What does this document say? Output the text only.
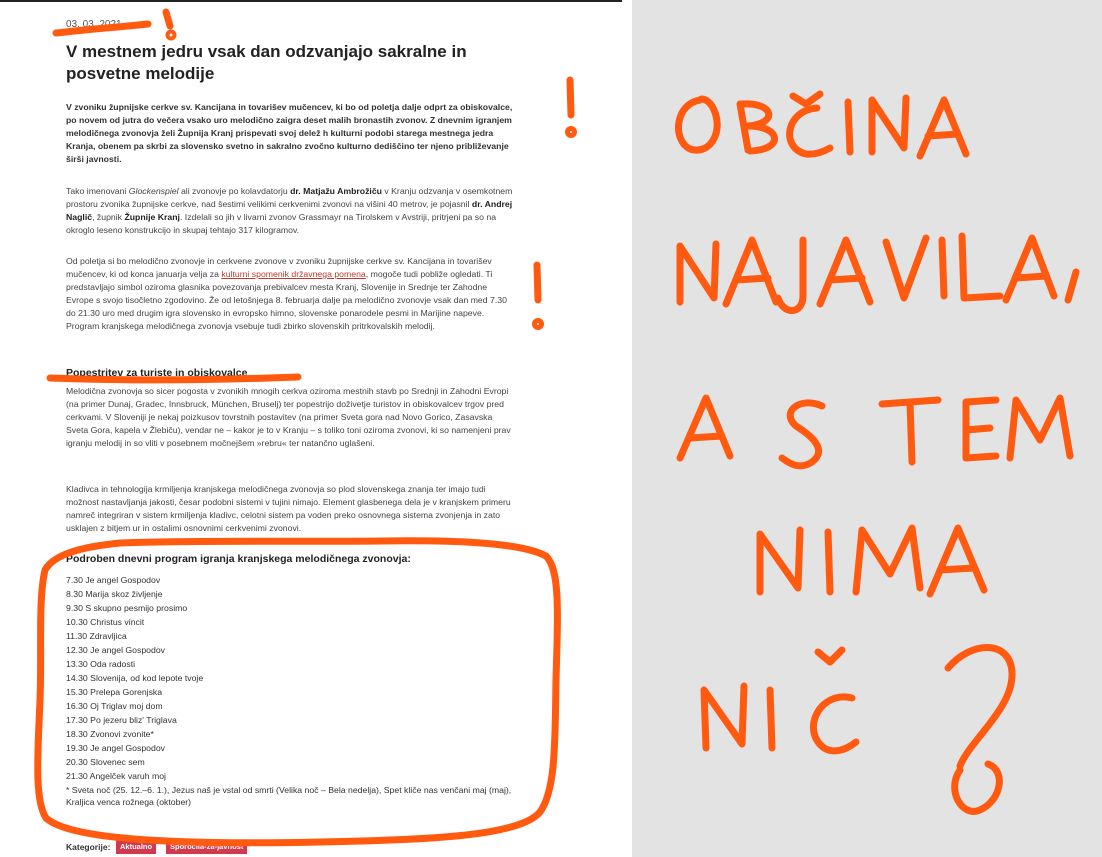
03. 03. 2021
V mestnem jedru vsak dan odzvanjajo sakralne in posvetne melodije

V zvoniku župnijske cerkve sv. Kancijana in tovarišev mučencev, ki bo od poletja dalje odprt za obiskovalce, po novem od jutra do večera vsako uro melodično zaigra deset malih bronastih zvonov. Z dnevnim igranjem melodičnega zvonovja želi Župnija Kranj prispevati svoj delež h kulturni podobi starega mestnega jedra Kranja, obenem pa skrbi za slovensko svetno in sakralno zvočno kulturno dediščino ter njeno približevanje širši javnosti.

Tako imenovani Glockenspiel ali zvonovje po kolavdatorju dr. Matjažu Ambrožiču v Kranju odzvanja v osemkotnem prostoru zvonika župnijske cerkve, nad šestimi velikimi cerkvenimi zvonovi na višini 40 metrov, je pojasnil dr. Andrej Naglič, župnik Župnije Kranj. Izdelali so jih v livarni zvonov Grassmayr na Tirolskem v Avstriji, pritrjeni pa so na okroglo leseno konstrukcijo in skupaj tehtajo 317 kilogramov.

Od poletja si bo melodično zvonovje in cerkvene zvonove v zvoniku župnijske cerkve sv. Kancijana in tovarišev mučencev, ki od konca januarja velja za kulturni spomenik državnega pomena, mogoče tudi pobliže ogledati. Ti predstavljajo simbol oziroma glasnika povezovanja prebivalcev mesta Kranj, Slovenije in Srednje ter Zahodne Evrope s svojo tisočletno zgodovino. Že od letošnjega 8. februarja dalje pa melodično zvonovje vsak dan med 7.30 do 21.30 uro med drugim igra slovensko in evropsko himno, slovenske ponarodele pesmi in Marijine napeve. Program kranjskega melodičnega zvonovja vsebuje tudi zbirko slovenskih pritrkovalskih melodij.

Popestritev za turiste in obiskovalce

Melodična zvonovja so sicer pogosta v zvonikih mnogih cerkva oziroma mestnih stavb po Srednji in Zahodni Evropi (na primer Dunaj, Gradec, Innsbruck, München, Bruselj) ter popestrijo doživetje turistov in obiskovalcev trgov pred cerkvami. V Sloveniji je nekaj poizkusov tovrstnih postavitev (na primer Sveta gora nad Novo Gorico, Zasavska Sveta Gora, kapela v Žlebiču), vendar ne – kakor je to v Kranju – s toliko toni oziroma zvonovi, ki so namenjeni prav igranju melodij in so vliti v posebnem močnejšem »rebru« ter natančno uglašeni.

Kladivca in tehnologija krmiljenja kranjskega melodičnega zvonovja so plod slovenskega znanja ter imajo tudi možnost nastavljanja jakosti, česar podobni sistemi v tujini nimajo. Element glasbenega dela je v kranjskem primeru namreč integriran v sistem krmiljenja kladivc, celotni sistem pa voden preko osnovnega sistema zvonjenja in zato usklajen z bitjem ur in ostalimi osnovnimi cerkvenimi zvonovi.

Podroben dnevni program igranja kranjskega melodičnega zvonovja:
7.30 Je angel Gospodov
8.30 Marija skoz življenje
9.30 S skupno pesmijo prosimo
10.30 Christus vincit
11.30 Zdravljica
12.30 Je angel Gospodov
13.30 Oda radosti
14.30 Slovenija, od kod lepote tvoje
15.30 Prelepa Gorenjska
16.30 Oj Triglav moj dom
17.30 Po jezeru bliz' Triglava
18.30 Zvonovi zvonite*
19.30 Je angel Gospodov
20.30 Slovenec sem
21.30 Angelček varuh moj
* Sveta noč (25. 12.–6. 1.), Jezus naš je vstal od smrti (Velika noč – Bela nedelja), Spet kliče nas venčani maj (maj), Kraljica venca rožnega (oktober)
Kategorije:	Aktualno	Sporočila-za-javnost
